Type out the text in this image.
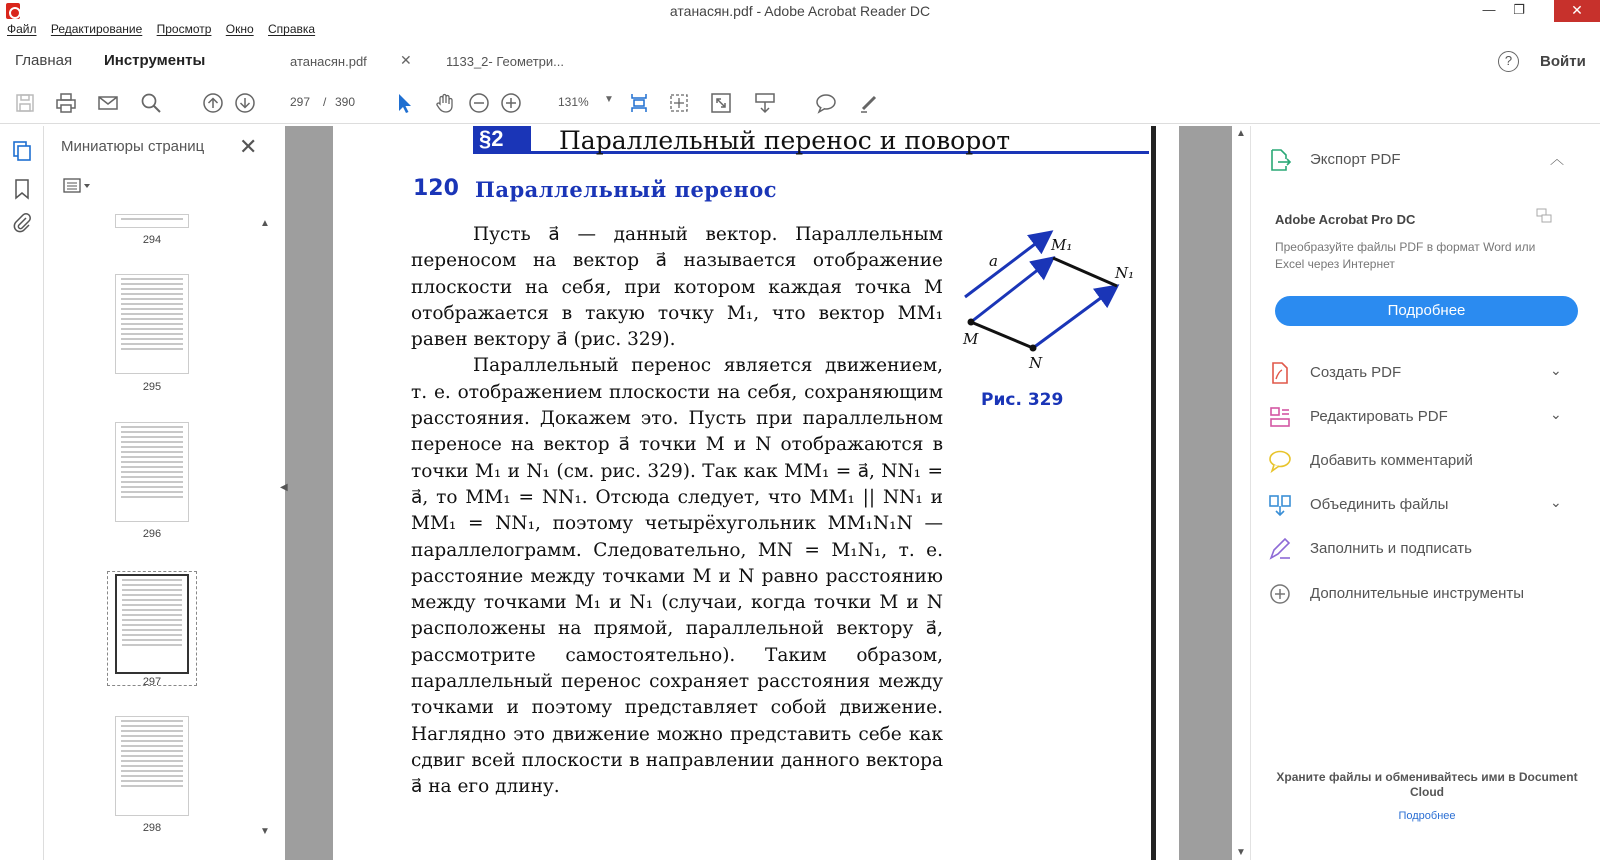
атанасян.pdf - Adobe Acrobat Reader DC	—	❐	✕
Файл Редактирование Просмотр Окно Справка
Главная Инструменты	атанасян.pdf ✕	1133_2- Геометри...	?	Войти
297 / 390	131% ▼
Миниатюры страниц ✕
▲
▼
294
295
296
297
298
◀
§2	Параллельный перенос и поворот
120 Параллельный перенос

Пусть a⃗ — данный вектор. Параллельным переносом на вектор a⃗ называется отображение плоскости на себя, при котором каждая точка M отображается в такую точку M₁, что вектор MM₁ равен вектору a⃗ (рис. 329).

Параллельный перенос является движением, т. е. отображением плоскости на себя, сохраняющим расстояния. Докажем это. Пусть при параллельном переносе на вектор a⃗ точки M и N отображаются в точки M₁ и N₁ (см. рис. 329). Так как MM₁ = a⃗, NN₁ = a⃗, то MM₁ = NN₁. Отсюда следует, что MM₁ || NN₁ и MM₁ = NN₁, поэтому четырёхугольник MM₁N₁N — параллелограмм. Следовательно, MN = M₁N₁, т. е. расстояние между точками M и N равно расстоянию между точками M₁ и N₁ (случаи, когда точки M и N расположены на прямой, параллельной вектору a⃗, рассмотрите самостоятельно). Таким образом, параллельный перенос сохраняет расстояния между точками и поэтому представляет собой движение. Наглядно это движение можно представить себе как сдвиг всей плоскости в направлении данного вектора a⃗ на его длину.

a
M₁
N₁
M
N
Рис. 329
▲
▼
Экспорт PDF	︿
Adobe Acrobat Pro DC
Преобразуйте файлы PDF в формат Word или Excel через Интернет
Подробнее
Создать PDF	⌄
Редактировать PDF	⌄
Добавить комментарий
Объединить файлы	⌄
Заполнить и подписать
Дополнительные инструменты
Храните файлы и обменивайтесь ими в Document Cloud
Подробнее
